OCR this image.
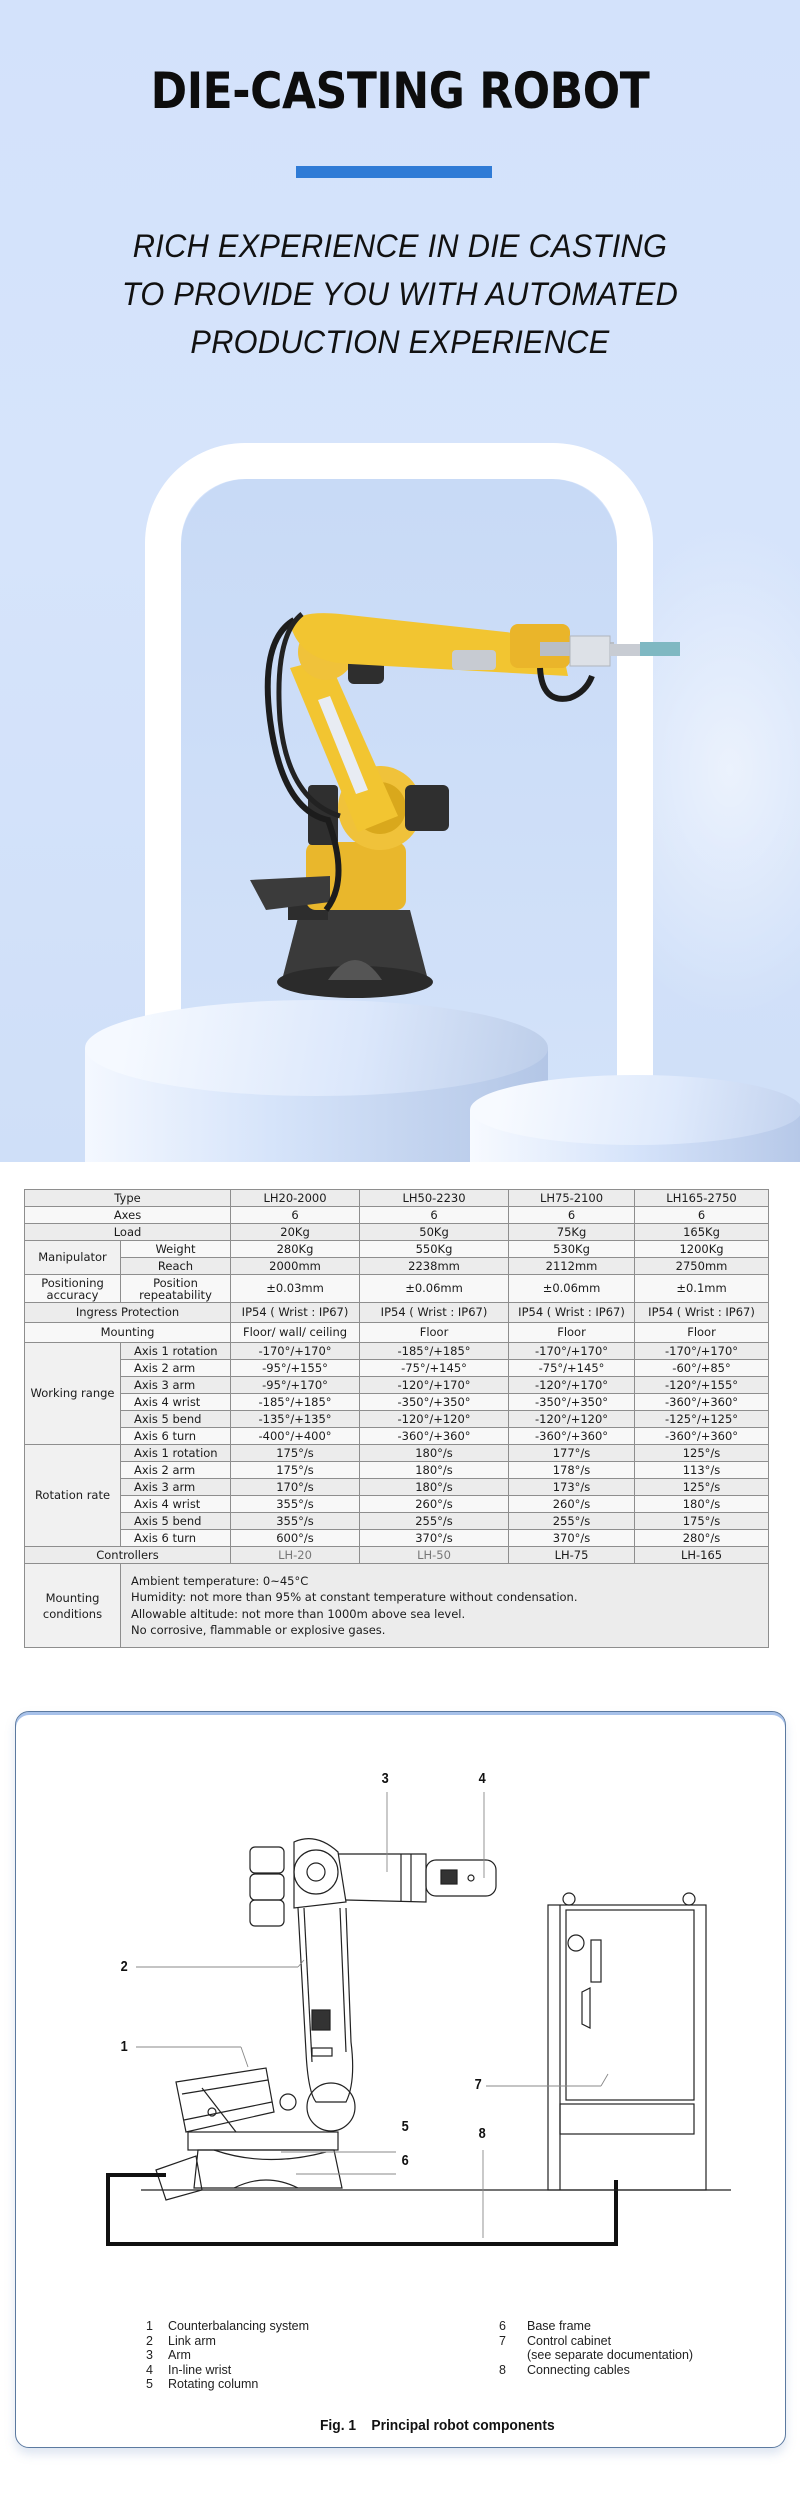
DIE-CASTING ROBOT
RICH EXPERIENCE IN DIE CASTING
TO PROVIDE YOU WITH AUTOMATED
PRODUCTION EXPERIENCE
Type		LH20-2000	LH50-2230	LH75-2100	LH165-2750
Axes		6	6	6	6
Load		20Kg	50Kg	75Kg	165Kg
Manipulator	Weight	280Kg	550Kg	530Kg	1200Kg
	Reach	2000mm	2238mm	2112mm	2750mm
Positioning accuracy	Position repeatability	±0.03mm	±0.06mm	±0.06mm	±0.1mm
Ingress Protection		IP54 ( Wrist : IP67)	IP54 ( Wrist : IP67)	IP54 ( Wrist : IP67)	IP54 ( Wrist : IP67)
Mounting		Floor/ wall/ ceiling	Floor	Floor	Floor
Working range	Axis 1 rotation	-170°/+170°	-185°/+185°	-170°/+170°	-170°/+170°
	Axis 2 arm	-95°/+155°	-75°/+145°	-75°/+145°	-60°/+85°
	Axis 3 arm	-95°/+170°	-120°/+170°	-120°/+170°	-120°/+155°
	Axis 4 wrist	-185°/+185°	-350°/+350°	-350°/+350°	-360°/+360°
	Axis 5 bend	-135°/+135°	-120°/+120°	-120°/+120°	-125°/+125°
	Axis 6 turn	-400°/+400°	-360°/+360°	-360°/+360°	-360°/+360°
Rotation rate	Axis 1 rotation	175°/s	180°/s	177°/s	125°/s
	Axis 2 arm	175°/s	180°/s	178°/s	113°/s
	Axis 3 arm	170°/s	180°/s	173°/s	125°/s
	Axis 4 wrist	355°/s	260°/s	260°/s	180°/s
	Axis 5 bend	355°/s	255°/s	255°/s	175°/s
	Axis 6 turn	600°/s	370°/s	370°/s	280°/s
Controllers		LH-20	LH-50	LH-75	LH-165
Mounting conditions	Ambient temperature: 0~45°C
Humidity: not more than 95% at constant temperature without condensation.
Allowable altitude: not more than 1000m above sea level.
No corrosive, flammable or explosive gases.				
3	4
2
1
7
5	8
6
1	Counterbalancing system
2	Link arm
3	Arm
4	In-line wrist
5	Rotating column
6	Base frame
7	Control cabinet
(see separate documentation)
8	Connecting cables
Fig. 1    Principal robot components
